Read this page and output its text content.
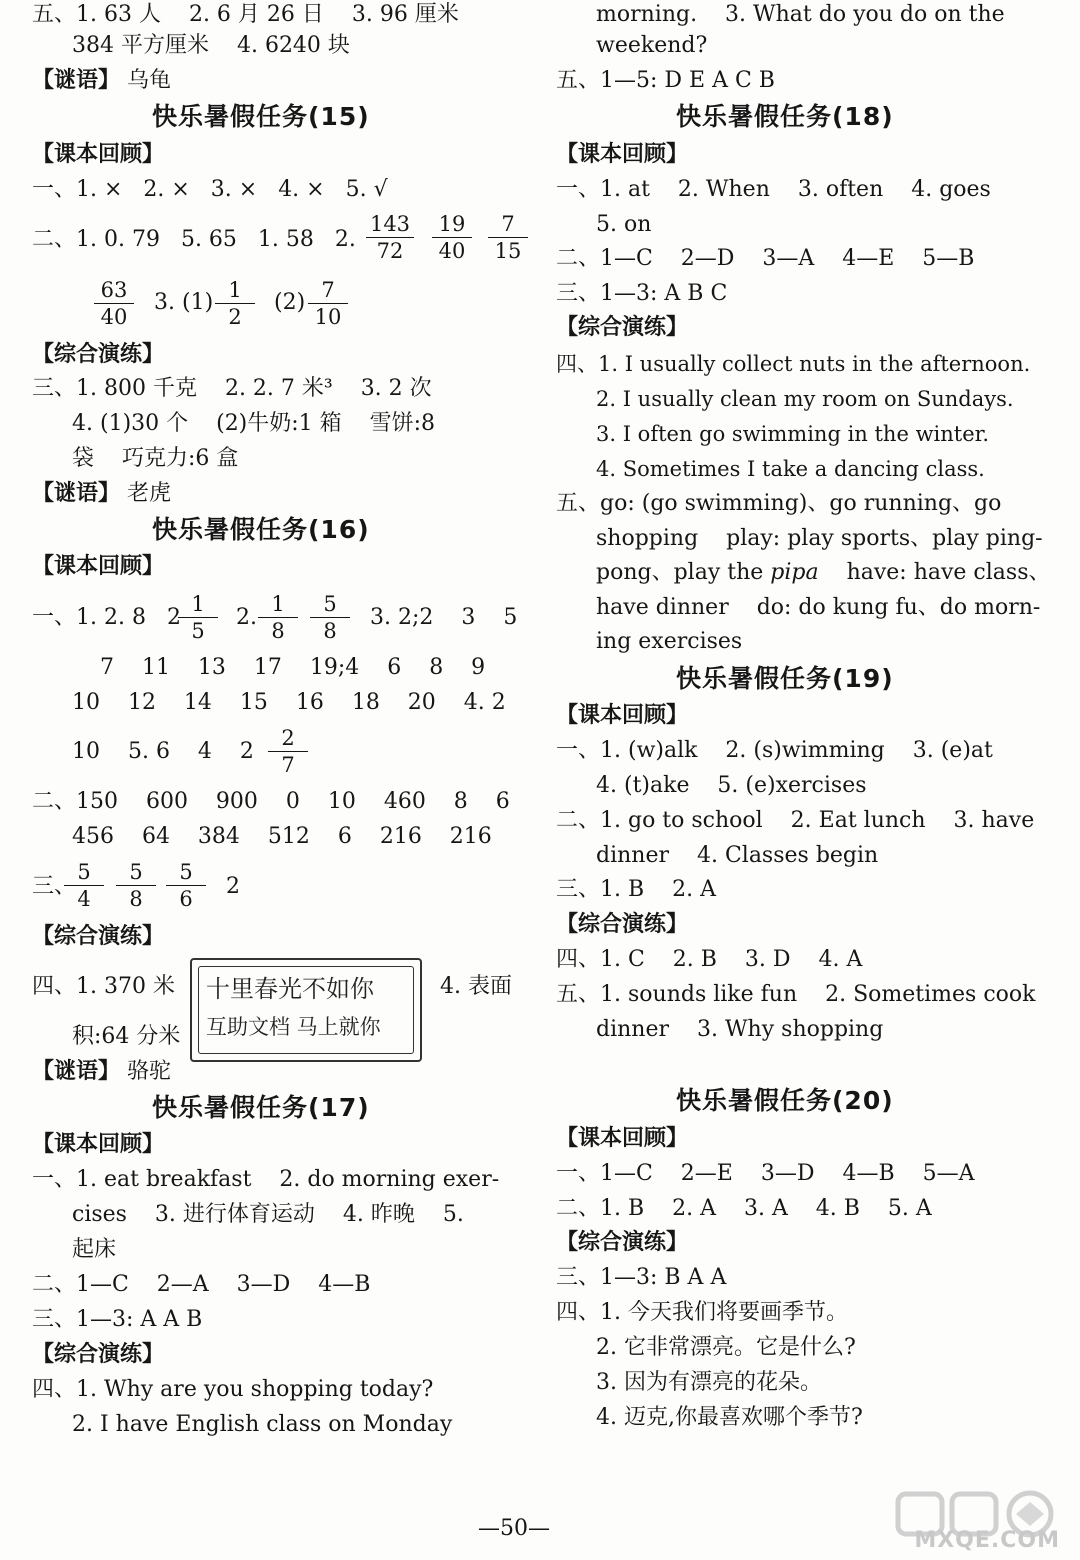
五、1. 63 人    2. 6 月 26 日    3. 96 厘米
384 平方厘米    4. 6240 块
【谜语】 乌龟
快乐暑假任务(15)
【课本回顾】
一、1. ×   2. ×   3. ×   4. ×   5. √
二、1. 0. 79   5. 65   1. 58   2.
143
72
19
40
7
15
63
40
3. (1) 1
2
(2) 7
10
【综合演练】
三、1. 800 千克    2. 2. 7 米³    3. 2 次
4. (1)30 个    (2)牛奶:1 箱    雪饼:8
袋    巧克力:6 盒
【谜语】 老虎
快乐暑假任务(16)
【课本回顾】
一、1. 2. 8   2
1
5
2.
1
8
5
8
3. 2;2    3    5
7    11    13    17    19;4    6    8    9
10    12    14    15    16    18    20    4. 2
10    5. 6    4    2
2
7
二、150    600    900    0    10    460    8    6
456    64    384    512    6    216    216
三、
5
4
5
8
5
6 2
【综合演练】
四、1. 370 米	4. 表面
积:64 分米
十里春光不如你
互助文档 马上就你
【谜语】 骆驼
快乐暑假任务(17)
【课本回顾】
一、1. eat breakfast    2. do morning exer-
cises    3. 进行体育运动    4. 昨晚    5.
起床
二、1—C    2—A    3—D    4—B
三、1—3: A A B
【综合演练】
四、1. Why are you shopping today?
2. I have English class on Monday
morning.    3. What do you do on the
weekend?
五、1—5: D E A C B
快乐暑假任务(18)
【课本回顾】
一、1. at    2. When    3. often    4. goes
5. on
二、1—C    2—D    3—A    4—E    5—B
三、1—3: A B C
【综合演练】
四、1. I usually collect nuts in the afternoon.
2. I usually clean my room on Sundays.
3. I often go swimming in the winter.
4. Sometimes I take a dancing class.
五、go: (go swimming)、go running、go
shopping    play: play sports、play ping-
pong、play the pipa    have: have class、
have dinner    do: do kung fu、do morn-
ing exercises
快乐暑假任务(19)
【课本回顾】
一、1. (w)alk    2. (s)wimming    3. (e)at
4. (t)ake    5. (e)xercises
二、1. go to school    2. Eat lunch    3. have
dinner    4. Classes begin
三、1. B    2. A
【综合演练】
四、1. C    2. B    3. D    4. A
五、1. sounds like fun    2. Sometimes cook
dinner    3. Why shopping
快乐暑假任务(20)
【课本回顾】
一、1—C    2—E    3—D    4—B    5—A
二、1. B    2. A    3. A    4. B    5. A
【综合演练】
三、1—3: B A A
四、1. 今天我们将要画季节。
2. 它非常漂亮。它是什么?
3. 因为有漂亮的花朵。
4. 迈克,你最喜欢哪个季节?
—50—	MXQE.COM
